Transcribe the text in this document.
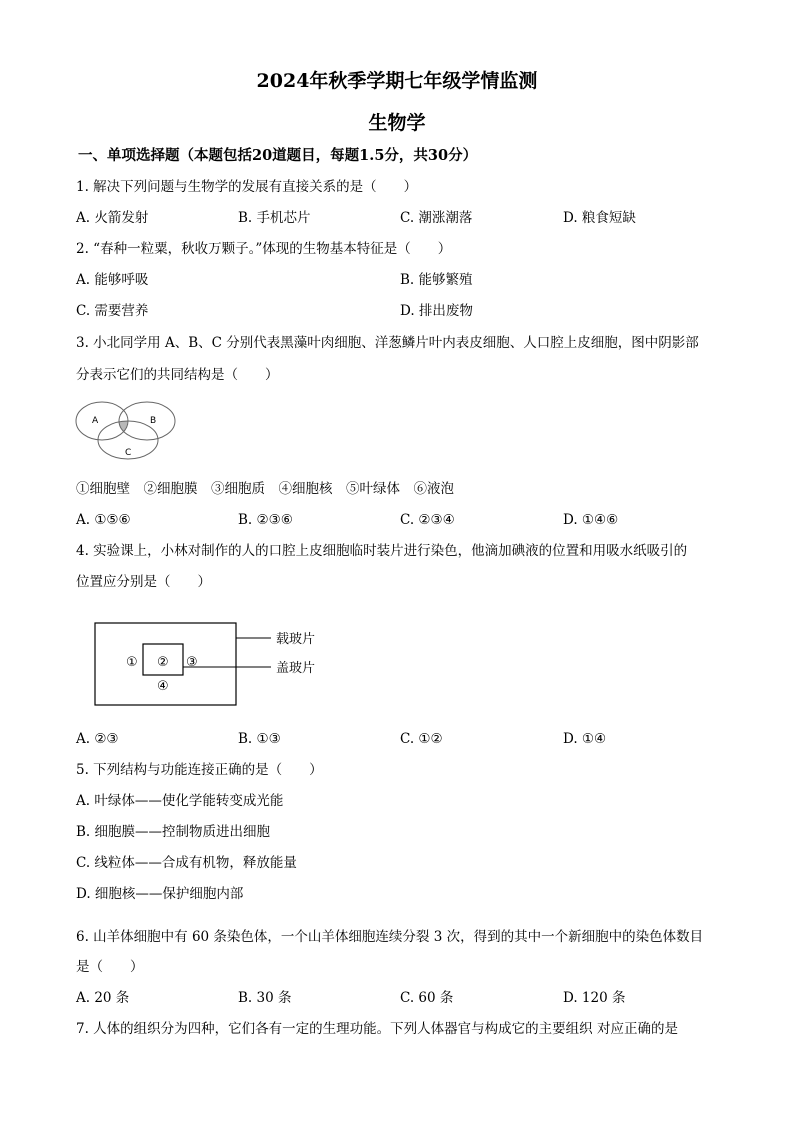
2024年秋季学期七年级学情监测
生物学
一、单项选择题（本题包括20道题目，每题1.5分，共30分）
1. 解决下列问题与生物学的发展有直接关系的是（　　）
A. 火箭发射	B. 手机芯片	C. 潮涨潮落	D. 粮食短缺
2. “春种一粒粟，秋收万颗子。”体现的生物基本特征是（　　）
A. 能够呼吸	B. 能够繁殖
C. 需要营养	D. 排出废物
3. 小北同学用 A、B、C 分别代表黑藻叶肉细胞、洋葱鳞片叶内表皮细胞、人口腔上皮细胞，图中阴影部
分表示它们的共同结构是（　　）
A	B
C
①细胞壁　②细胞膜　③细胞质　④细胞核　⑤叶绿体　⑥液泡
A. ①⑤⑥	B. ②③⑥	C. ②③④	D. ①④⑥
4. 实验课上，小林对制作的人的口腔上皮细胞临时装片进行染色，他滴加碘液的位置和用吸水纸吸引的
位置应分别是（　　）
① ② ③
④
载玻片
盖玻片
A. ②③	B. ①③	C. ①②	D. ①④
5. 下列结构与功能连接正确的是（　　）
A. 叶绿体——使化学能转变成光能
B. 细胞膜——控制物质进出细胞
C. 线粒体——合成有机物，释放能量
D. 细胞核——保护细胞内部
6. 山羊体细胞中有 60 条染色体，一个山羊体细胞连续分裂 3 次，得到的其中一个新细胞中的染色体数目
是（　　）
A. 20 条	B. 30 条	C. 60 条	D. 120 条
7. 人体的组织分为四种，它们各有一定的生理功能。下列人体器官与构成它的主要组织 对应正确的是
